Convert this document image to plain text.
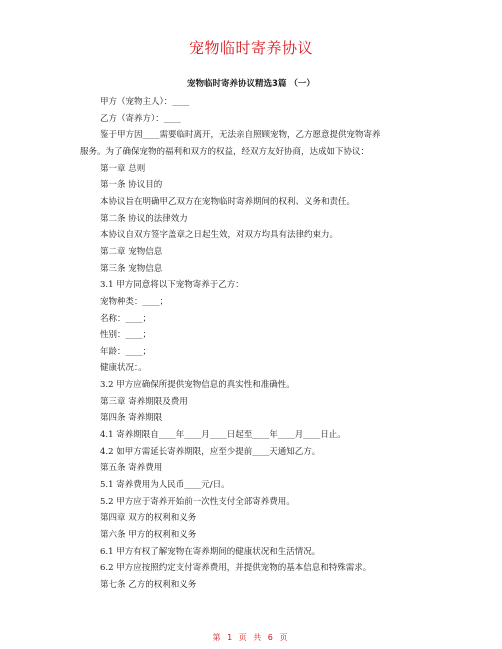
宠物临时寄养协议
宠物临时寄养协议精选3篇 （一）
甲方（宠物主人）：____
乙方（寄养方）：____
鉴于甲方因____需要临时离开，无法亲自照顾宠物，乙方愿意提供宠物寄养
服务。为了确保宠物的福利和双方的权益，经双方友好协商，达成如下协议：
第一章 总则
第一条 协议目的
本协议旨在明确甲乙双方在宠物临时寄养期间的权利、义务和责任。
第二条 协议的法律效力
本协议自双方签字盖章之日起生效，对双方均具有法律约束力。
第二章 宠物信息
第三条 宠物信息
3.1 甲方同意将以下宠物寄养于乙方：
宠物种类：____；
名称：____；
性别：____；
年龄：____；
健康状况：。
3.2 甲方应确保所提供宠物信息的真实性和准确性。
第三章 寄养期限及费用
第四条 寄养期限
4.1 寄养期限自____年____月____日起至____年____月____日止。
4.2 如甲方需延长寄养期限，应至少提前____天通知乙方。
第五条 寄养费用
5.1 寄养费用为人民币____元/日。
5.2 甲方应于寄养开始前一次性支付全部寄养费用。
第四章 双方的权利和义务
第六条 甲方的权利和义务
6.1 甲方有权了解宠物在寄养期间的健康状况和生活情况。
第 1 页 共 6 页
6.2 甲方应按照约定支付寄养费用，并提供宠物的基本信息和特殊需求。
第七条 乙方的权利和义务
